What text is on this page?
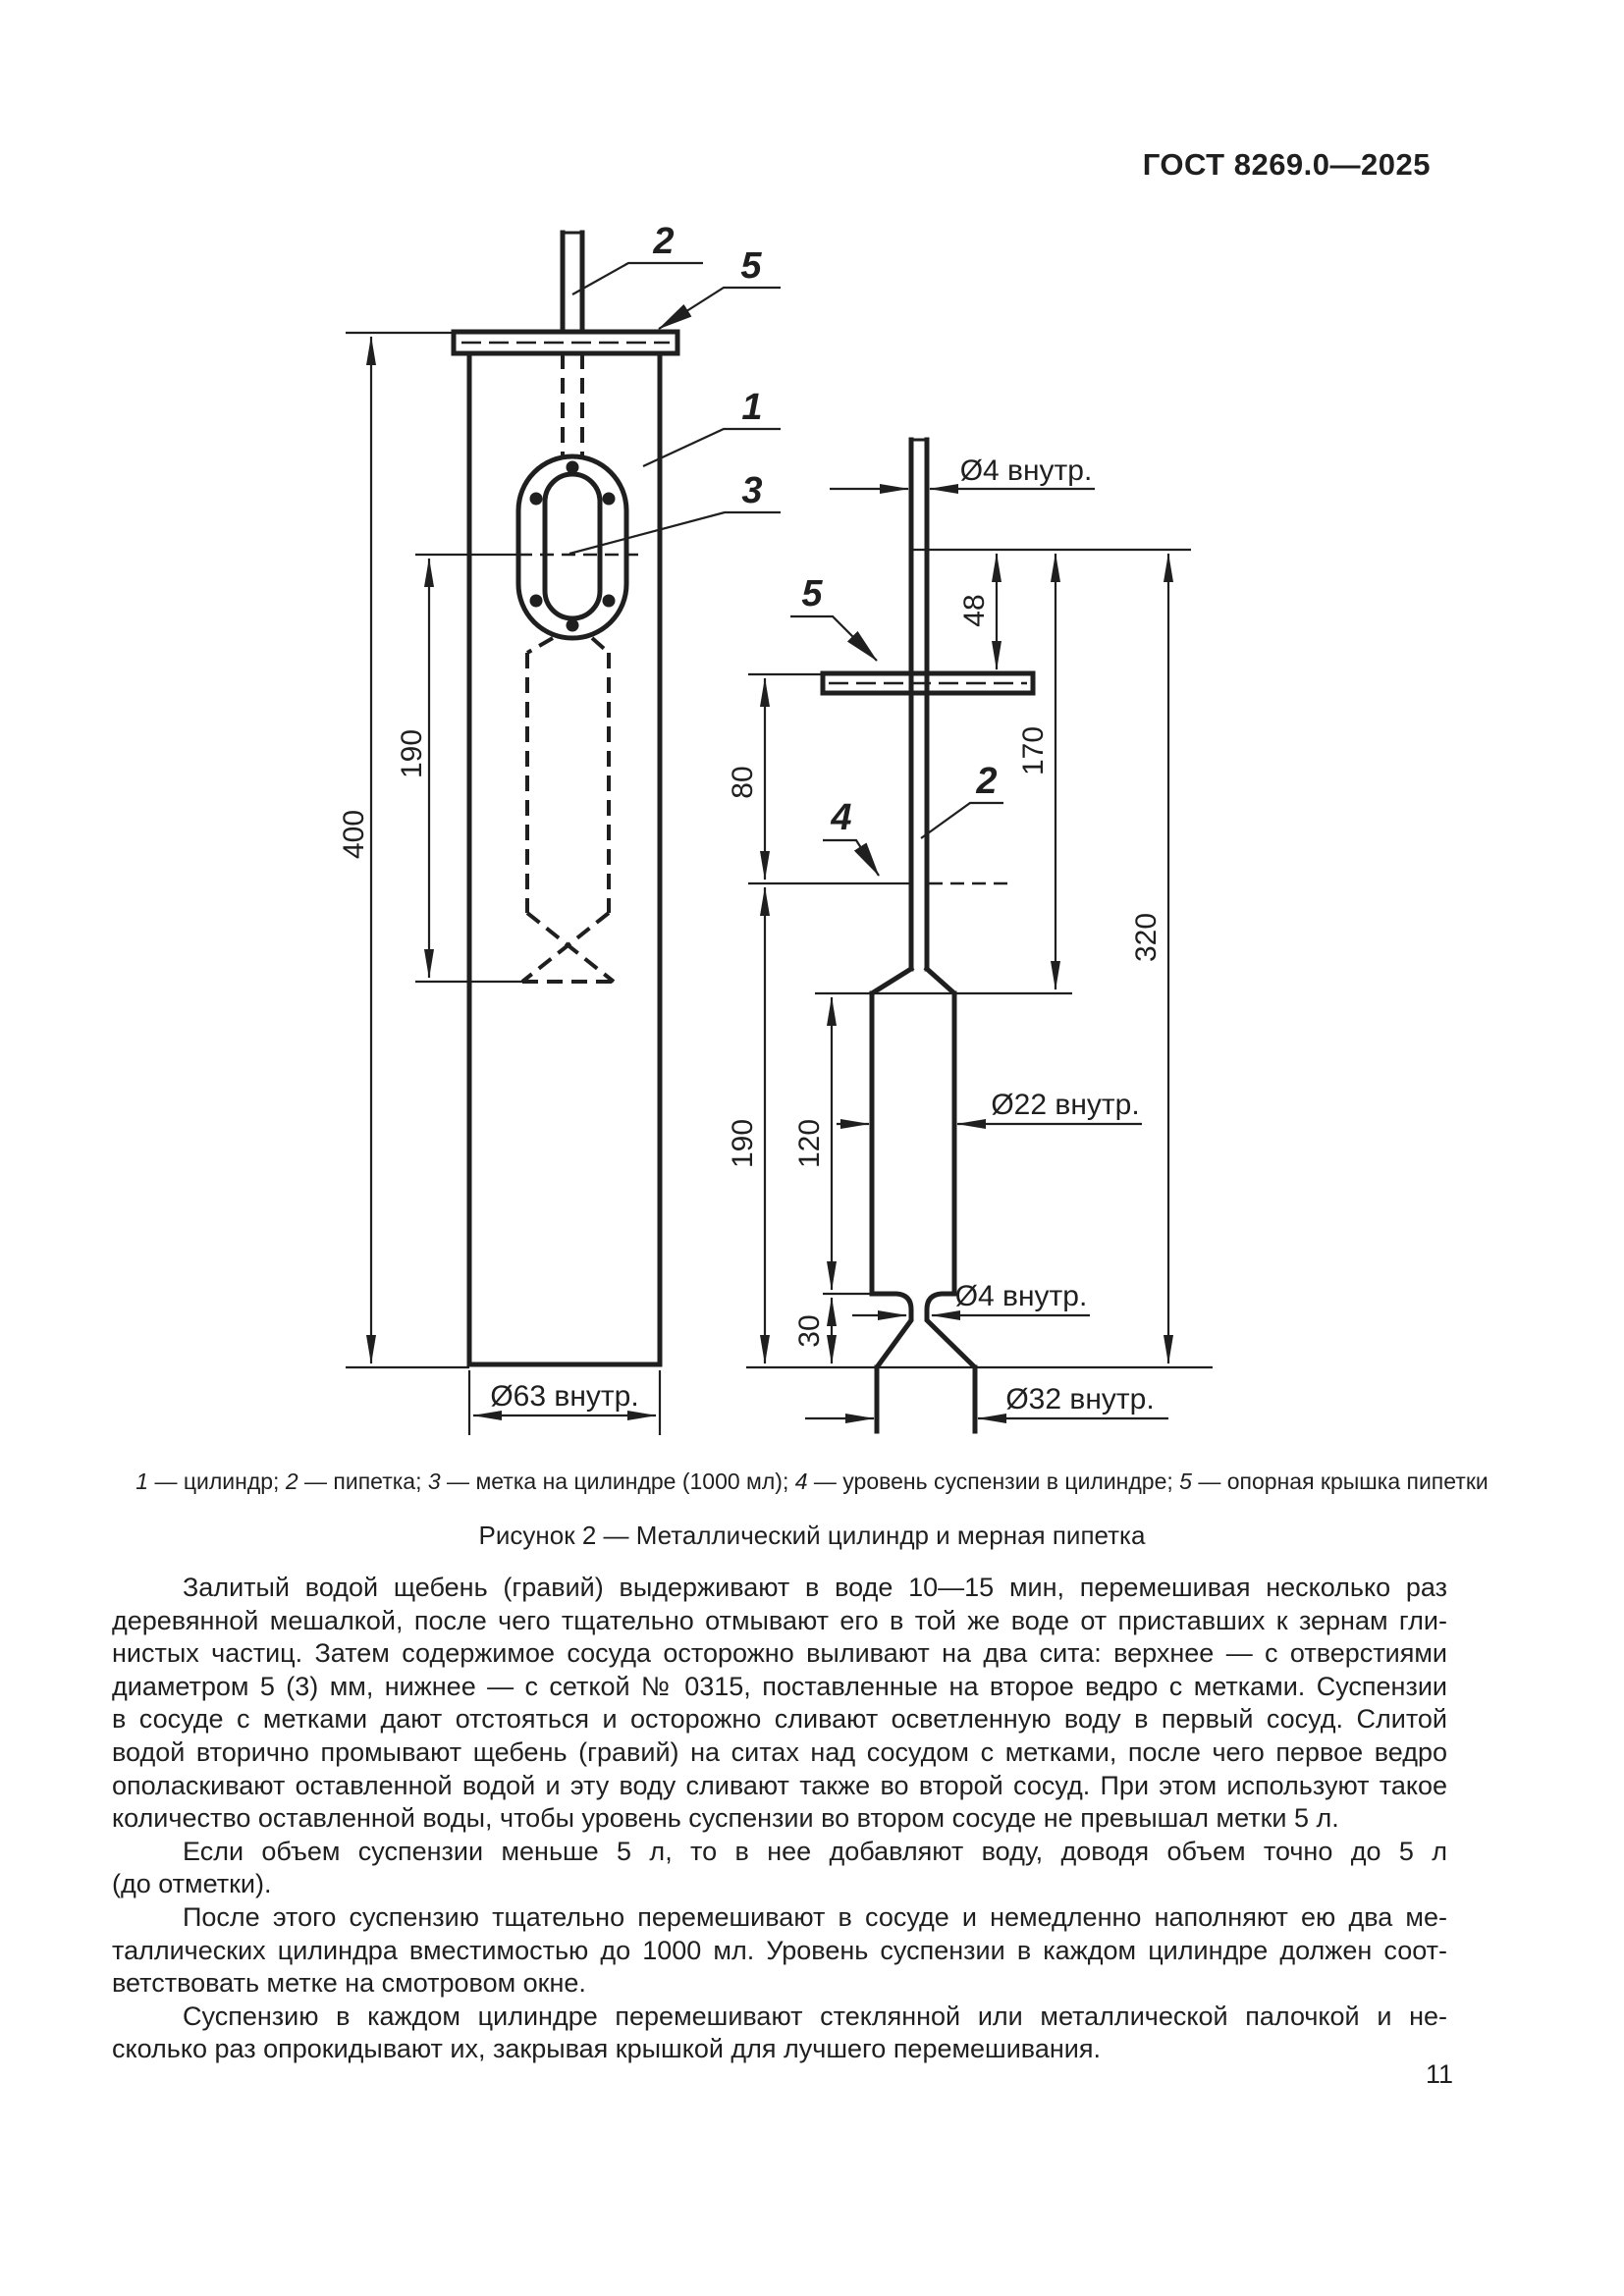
ГОСТ 8269.0—2025
400
190
Ø63 внутр.
2
5
1
3	Ø4 внутр.
48
170
320
80
190 120
30
Ø22 внутр.
Ø4 внутр.
Ø32 внутр.
5
2
4
1 — цилиндр; 2 — пипетка; 3 — метка на цилиндре (1000 мл); 4 — уровень суспензии в цилиндре; 5 — опорная крышка пипетки
Рисунок 2 — Металлический цилиндр и мерная пипетка
Залитый водой щебень (гравий) выдерживают в воде 10—15 мин, перемешивая несколько раз
деревянной мешалкой, после чего тщательно отмывают его в той же воде от приставших к зернам гли-
нистых частиц. Затем содержимое сосуда осторожно выливают на два сита: верхнее — с отверстиями
диаметром 5 (3) мм, нижнее — с сеткой № 0315, поставленные на второе ведро с метками. Суспензии
в сосуде с метками дают отстояться и осторожно сливают осветленную воду в первый сосуд. Слитой
водой вторично промывают щебень (гравий) на ситах над сосудом с метками, после чего первое ведро
ополаскивают оставленной водой и эту воду сливают также во второй сосуд. При этом используют такое
количество оставленной воды, чтобы уровень суспензии во втором сосуде не превышал метки 5 л.
Если объем суспензии меньше 5 л, то в нее добавляют воду, доводя объем точно до 5 л
(до отметки).
После этого суспензию тщательно перемешивают в сосуде и немедленно наполняют ею два ме-
таллических цилиндра вместимостью до 1000 мл. Уровень суспензии в каждом цилиндре должен соот-
ветствовать метке на смотровом окне.
Суспензию в каждом цилиндре перемешивают стеклянной или металлической палочкой и не-
сколько раз опрокидывают их, закрывая крышкой для лучшего перемешивания.
11
